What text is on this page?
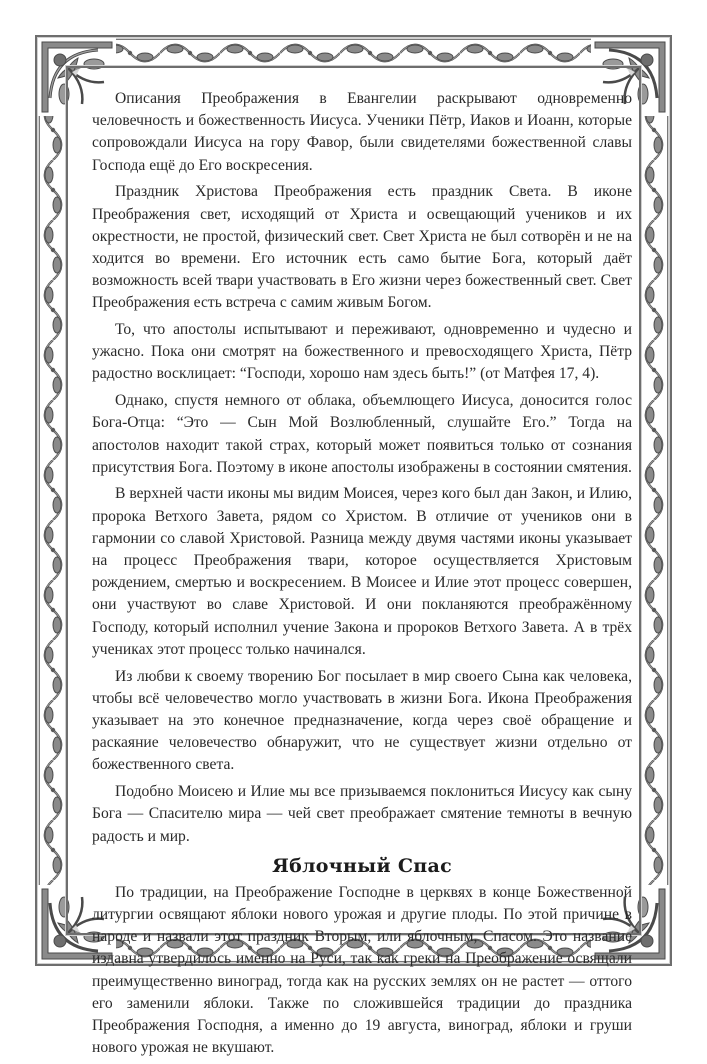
Описания Преображения в Евангелии раскрывают одновременно человечность и божественность Иисуса. Ученики Пётр, Иаков и Иоанн, которые сопровождали Иисуса на гору Фавор, были свидетелями божественной славы Господа ещё до Его воскресения.

Праздник Христова Преображения есть праздник Света. В иконе Преображения свет, исходящий от Христа и освещающий учеников и их окрестности, не простой, физический свет. Свет Христа не был сотворён и не на ходится во времени. Его источник есть само бытие Бога, который даёт возможность всей твари участвовать в Его жизни через божественный свет. Свет Преображения есть встреча с самим живым Богом.

То, что апостолы испытывают и переживают, одновременно и чудесно и ужасно. Пока они смотрят на божественного и превосходящего Христа, Пётр радостно восклицает: “Господи, хорошо нам здесь быть!” (от Матфея 17, 4).

Однако, спустя немного от облака, объемлющего Иисуса, доносится голос Бога-Отца: “Это — Сын Мой Возлюбленный, слушайте Его.” Тогда на апостолов находит такой страх, который может появиться только от сознания присутствия Бога. Поэтому в иконе апостолы изображены в состоянии смятения.

В верхней части иконы мы видим Моисея, через кого был дан Закон, и Илию, пророка Ветхого Завета, рядом со Христом. В отличие от учеников они в гармонии со славой Христовой. Разница между двумя частями иконы указывает на процесс Преображения твари, которое осуществляется Христовым рождением, смертью и воскресением. В Моисее и Илие этот процесс совершен, они участвуют во славе Христовой. И они покланяются преображённому Господу, который исполнил учение Закона и пророков Ветхого Завета. А в трёх учениках этот процесс только начинался.

Из любви к своему творению Бог посылает в мир своего Сына как человека, чтобы всё человечество могло участвовать в жизни Бога. Икона Преображения указывает на это конечное предназначение, когда через своё обращение и раскаяние человечество обнаружит, что не существует жизни отдельно от божественного света.

Подобно Моисею и Илие мы все призываемся поклониться Иисусу как сыну Бога — Спасителю мира — чей свет преображает смятение темноты в вечную радость и мир.

Яблочный Спас

По традиции, на Преображение Господне в церквях в конце Божественной литургии освящают яблоки нового урожая и другие плоды. По этой причине в народе и назвали этот праздник Вторым, или яблочным, Спасом. Это название издавна утвердилось именно на Руси, так как греки на Преображение освящали преимущественно виноград, тогда как на русских землях он не растет — оттого его заменили яблоки. Также по сложившейся традиции до праздника Преображения Господня, а именно до 19 августа, виноград, яблоки и груши нового урожая не вкушают.
